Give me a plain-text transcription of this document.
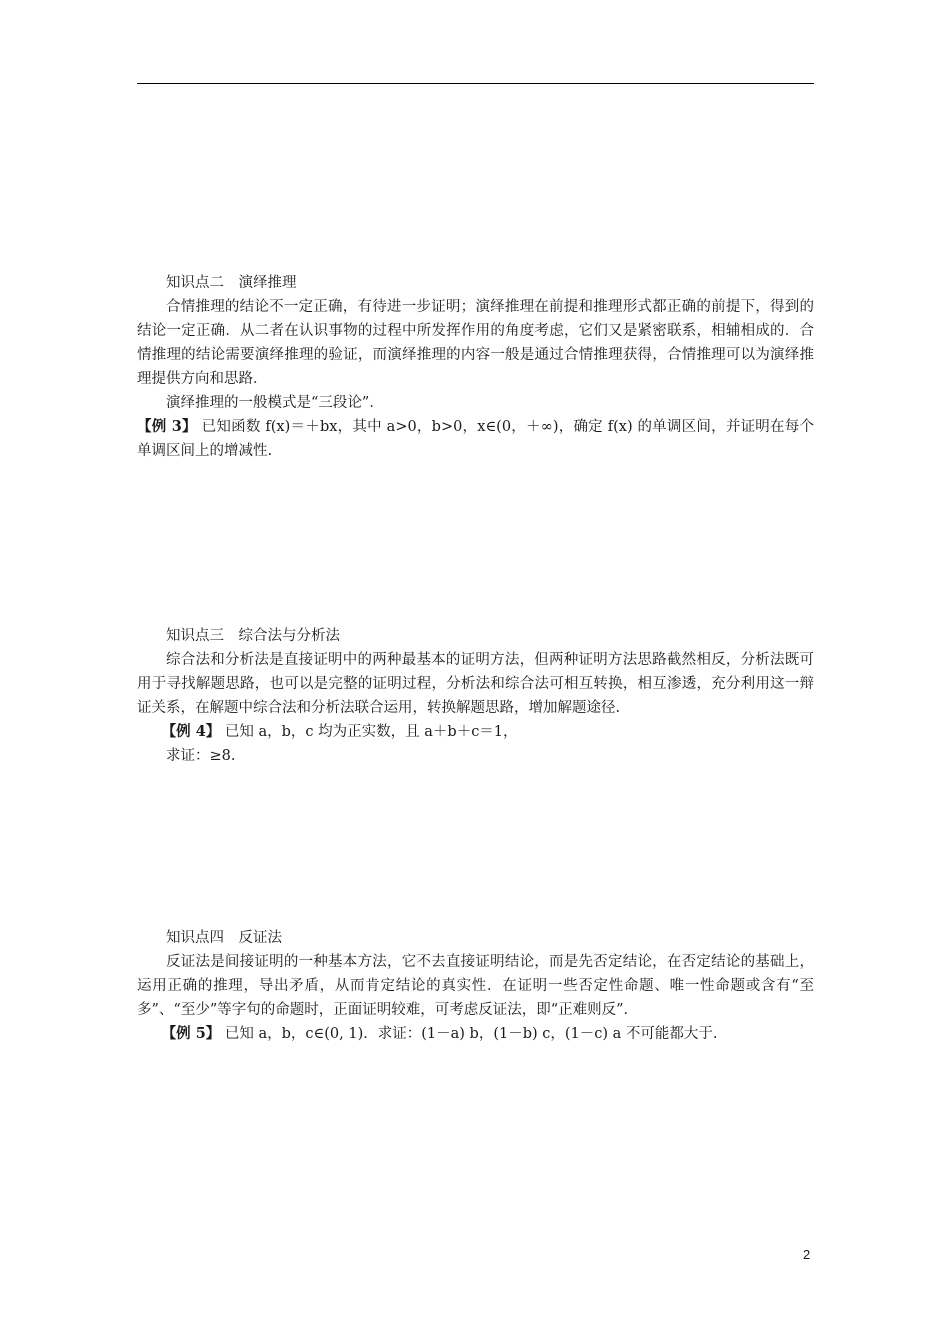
知识点二　演绎推理

合情推理的结论不一定正确，有待进一步证明；演绎推理在前提和推理形式都正确的前提下，得到的结论一定正确．从二者在认识事物的过程中所发挥作用的角度考虑，它们又是紧密联系，相辅相成的．合情推理的结论需要演绎推理的验证，而演绎推理的内容一般是通过合情推理获得，合情推理可以为演绎推理提供方向和思路．

演绎推理的一般模式是“三段论”．

【例 3】 已知函数 f(x)＝＋bx，其中 a>0，b>0，x∈(0，＋∞)，确定 f(x) 的单调区间，并证明在每个单调区间上的增减性.

知识点三　综合法与分析法

综合法和分析法是直接证明中的两种最基本的证明方法，但两种证明方法思路截然相反，分析法既可用于寻找解题思路，也可以是完整的证明过程，分析法和综合法可相互转换，相互渗透，充分利用这一辩证关系，在解题中综合法和分析法联合运用，转换解题思路，增加解题途径.

【例 4】 已知 a，b，c 均为正实数，且 a＋b＋c＝1，

求证：≥8.

知识点四　反证法

反证法是间接证明的一种基本方法，它不去直接证明结论，而是先否定结论，在否定结论的基础上，运用正确的推理，导出矛盾，从而肯定结论的真实性．在证明一些否定性命题、唯一性命题或含有“至多”、“至少”等字句的命题时，正面证明较难，可考虑反证法，即“正难则反”．

【例 5】 已知 a，b，c∈(0, 1)．求证：(1－a) b，(1－b) c，(1－c) a 不可能都大于.

2
